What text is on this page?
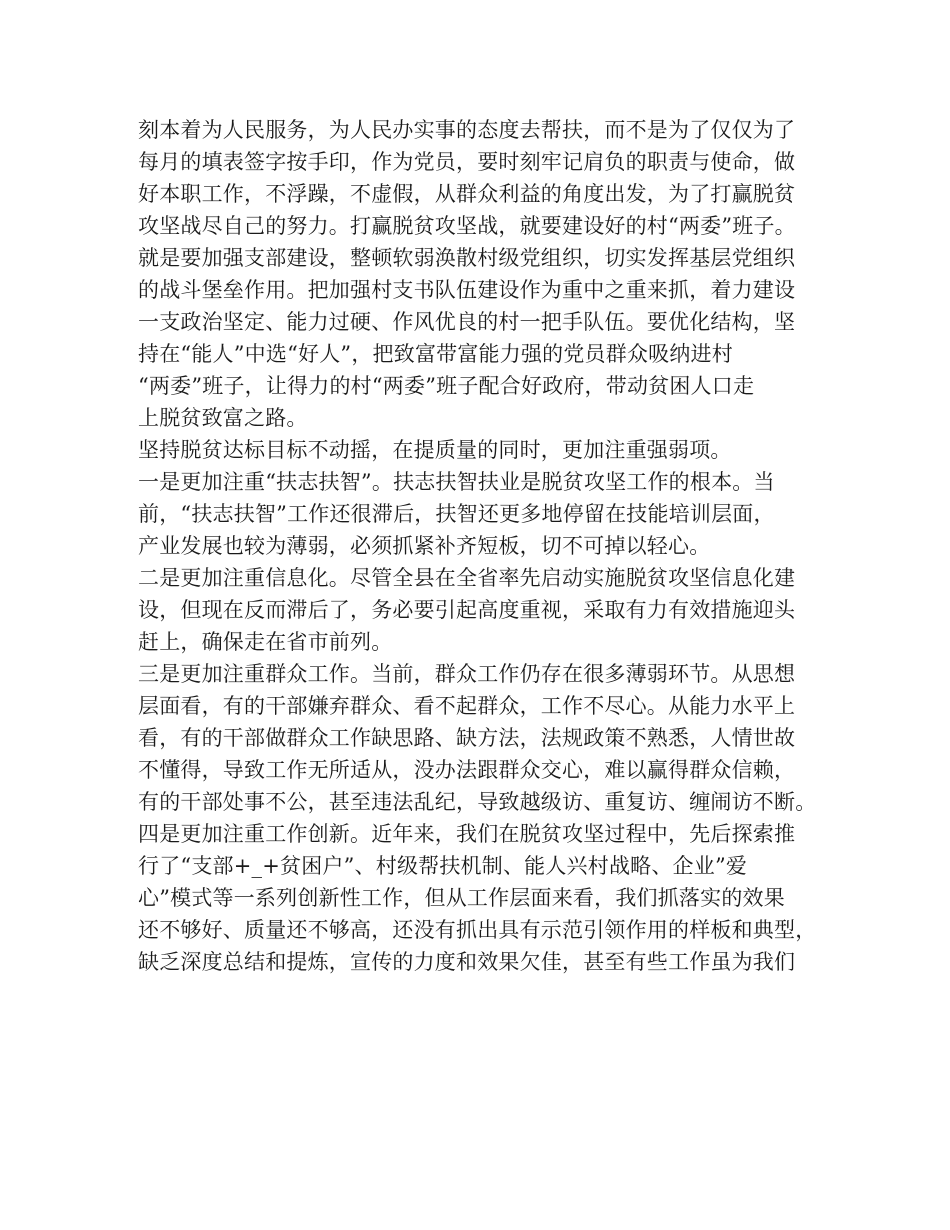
刻本着为人民服务，为人民办实事的态度去帮扶，而不是为了仅仅为了
每月的填表签字按手印，作为党员，要时刻牢记肩负的职责与使命，做
好本职工作，不浮躁，不虚假，从群众利益的角度出发，为了打赢脱贫
攻坚战尽自己的努力。打赢脱贫攻坚战，就要建设好的村“两委”班子。
就是要加强支部建设，整顿软弱涣散村级党组织，切实发挥基层党组织
的战斗堡垒作用。把加强村支书队伍建设作为重中之重来抓，着力建设
一支政治坚定、能力过硬、作风优良的村一把手队伍。要优化结构，坚
持在“能人”中选“好人”，把致富带富能力强的党员群众吸纳进村
“两委”班子，让得力的村“两委”班子配合好政府，带动贫困人口走
上脱贫致富之路。
坚持脱贫达标目标不动摇，在提质量的同时，更加注重强弱项。
一是更加注重“扶志扶智”。扶志扶智扶业是脱贫攻坚工作的根本。当
前，“扶志扶智”工作还很滞后，扶智还更多地停留在技能培训层面，
产业发展也较为薄弱，必须抓紧补齐短板，切不可掉以轻心。
二是更加注重信息化。尽管全县在全省率先启动实施脱贫攻坚信息化建
设，但现在反而滞后了，务必要引起高度重视，采取有力有效措施迎头
赶上，确保走在省市前列。
三是更加注重群众工作。当前，群众工作仍存在很多薄弱环节。从思想
层面看，有的干部嫌弃群众、看不起群众，工作不尽心。从能力水平上
看，有的干部做群众工作缺思路、缺方法，法规政策不熟悉，人情世故
不懂得，导致工作无所适从，没办法跟群众交心，难以赢得群众信赖，
有的干部处事不公，甚至违法乱纪，导致越级访、重复访、缠闹访不断。
四是更加注重工作创新。近年来，我们在脱贫攻坚过程中，先后探索推
行了“支部+_+贫困户”、村级帮扶机制、能人兴村战略、企业”爱
心”模式等一系列创新性工作，但从工作层面来看，我们抓落实的效果
还不够好、质量还不够高，还没有抓出具有示范引领作用的样板和典型，
缺乏深度总结和提炼，宣传的力度和效果欠佳，甚至有些工作虽为我们
